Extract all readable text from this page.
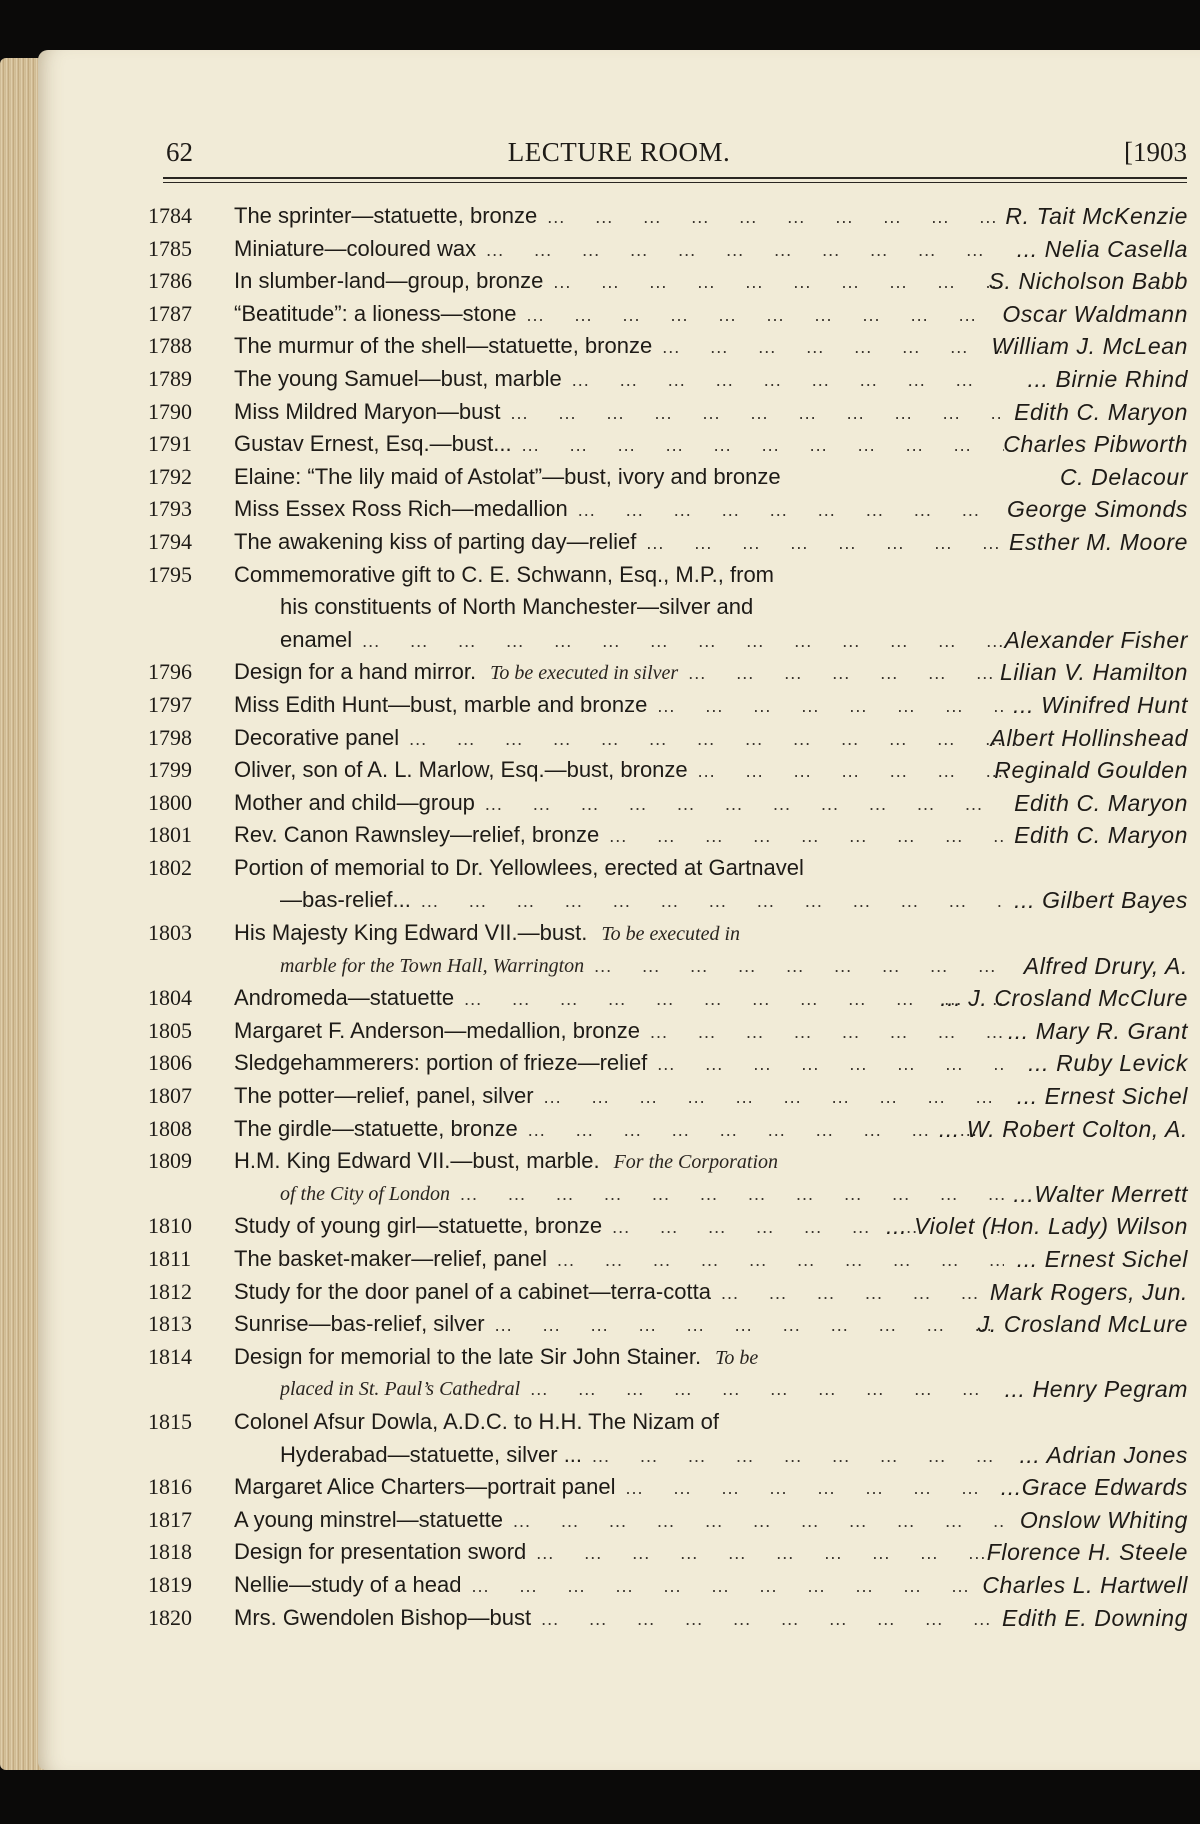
62	LECTURE ROOM.	[1903
1784	The sprinter—statuette, bronze ...	R. Tait McKenzie
1785	Miniature—coloured wax ...	... Nelia Casella
1786	In slumber-land—group, bronze ...	S. Nicholson Babb
1787	“Beatitude”: a lioness—stone ...	Oscar Waldmann
1788	The murmur of the shell—statuette, bronze ...	William J. McLean
1789	The young Samuel—bust, marble ...	... Birnie Rhind
1790	Miss Mildred Maryon—bust ...	Edith C. Maryon
1791	Gustav Ernest, Esq.—bust... ...	Charles Pibworth
1792	Elaine: “The lily maid of Astolat”—bust, ivory and bronze	C. Delacour
1793	Miss Essex Ross Rich—medallion ...	George Simonds
1794	The awakening kiss of parting day—relief ...	Esther M. Moore
1795	Commemorative gift to C. E. Schwann, Esq., M.P., from
his constituents of North Manchester—silver and
enamel ...	Alexander Fisher
1796	Design for a hand mirror. To be executed in silver ...	Lilian V. Hamilton
1797	Miss Edith Hunt—bust, marble and bronze ...	... Winifred Hunt
1798	Decorative panel ...	Albert Hollinshead
1799	Oliver, son of A. L. Marlow, Esq.—bust, bronze ...	Reginald Goulden
1800	Mother and child—group ...	Edith C. Maryon
1801	Rev. Canon Rawnsley—relief, bronze ...	Edith C. Maryon
1802	Portion of memorial to Dr. Yellowlees, erected at Gartnavel
—bas-relief... ...	... Gilbert Bayes
1803	His Majesty King Edward VII.—bust. To be executed in
marble for the Town Hall, Warrington ...	Alfred Drury, A.
1804	Andromeda—statuette ...	... J. Crosland McClure
1805	Margaret F. Anderson—medallion, bronze ...	... Mary R. Grant
1806	Sledgehammerers: portion of frieze—relief ...	... Ruby Levick
1807	The potter—relief, panel, silver ...	... Ernest Sichel
1808	The girdle—statuette, bronze ...	... W. Robert Colton, A.
1809	H.M. King Edward VII.—bust, marble. For the Corporation
of the City of London ...	...Walter Merrett
1810	Study of young girl—statuette, bronze ...	... Violet (Hon. Lady) Wilson
1811	The basket-maker—relief, panel ...	... Ernest Sichel
1812	Study for the door panel of a cabinet—terra-cotta ...	Mark Rogers, Jun.
1813	Sunrise—bas-relief, silver ...	J. Crosland McLure
1814	Design for memorial to the late Sir John Stainer. To be
placed in St. Paul’s Cathedral ...	... Henry Pegram
1815	Colonel Afsur Dowla, A.D.C. to H.H. The Nizam of
Hyderabad—statuette, silver ... ...	... Adrian Jones
1816	Margaret Alice Charters—portrait panel ...	...Grace Edwards
1817	A young minstrel—statuette ...	Onslow Whiting
1818	Design for presentation sword ...	Florence H. Steele
1819	Nellie—study of a head ...	Charles L. Hartwell
1820	Mrs. Gwendolen Bishop—bust ...	Edith E. Downing
